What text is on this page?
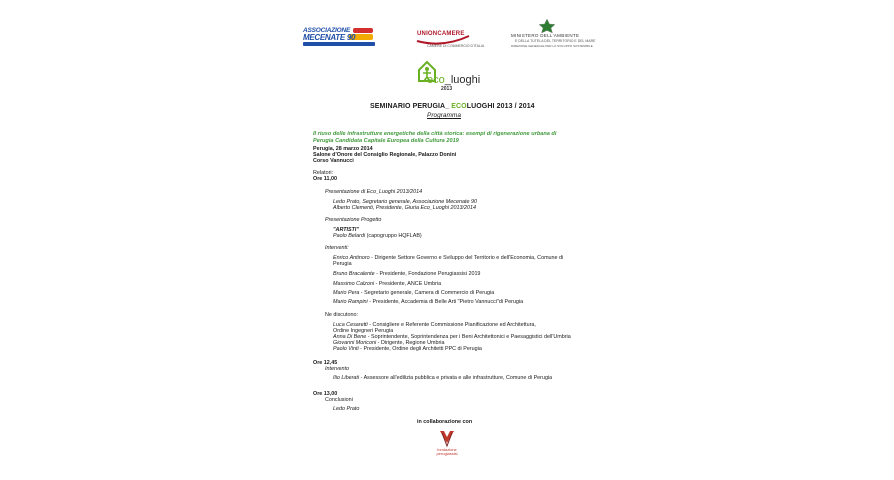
ASSOCIAZIONE
MECENATE 90	UNIONCAMERE
CAMERE DI COMMERCIO D'ITALIA
MINISTERO DELL'AMBIENTE
E DELLA TUTELA DEL TERRITORIO E DEL MARE
DIREZIONE GENERALE PER LO SVILUPPO SOSTENIBILE
eco_luoghi
2013
SEMINARIO PERUGIA_ ECOLUOGHI 2013 / 2014
Programma
Il riuso delle infrastrutture energetiche della città storica: esempi di rigenerazione urbana di
Perugia Candidata Capitale Europea della Cultura 2019
Perugia, 28 marzo 2014
Salone d'Onore del Consiglio Regionale, Palazzo Donini
Corso Vannucci
Relatori:
Ore 11,00
Presentazione di Eco_Luoghi 2013/2014
Ledo Prato, Segretario generale, Associazione Mecenate 90
Alberto Clementi, Presidente, Giuria Eco_Luoghi 2013/2014
Presentazione Progetto
"ARTISTI"
Paolo Belardi (capogruppo HQFLAB)
Interventi:
Enrico Antinoro - Dirigente Settore Governo e Sviluppo del Territorio e dell'Economia, Comune di
Perugia
Bruno Bracalente - Presidente, Fondazione Perugiassisi 2019
Massimo Calzoni - Presidente, ANCE Umbria
Mario Pera - Segretario generale, Camera di Commercio di Perugia
Mario Rampini - Presidente, Accademia di Belle Arti "Pietro Vannucci"di Perugia
Ne discutono:
Luca Cesaretti - Consigliere e Referente Commissione Pianificazione ed Architettura,
Ordine Ingegneri Perugia
Anna Di Bene - Soprintendente, Soprintendenza per i Beni Architettonici e Paesaggistici dell'Umbria
Giovanni Moriconi - Dirigente, Regione Umbria
Paolo Vinti - Presidente, Ordine degli Architetti PPC di Perugia
Ore 12,45
Intervento
Ilio Liberati - Assessore all'edilizia pubblica e privata e alle infrastrutture, Comune di Perugia
Ore 13,00
Conclusioni
Ledo Prato
in collaborazione con
fondazione
perugiassisi
